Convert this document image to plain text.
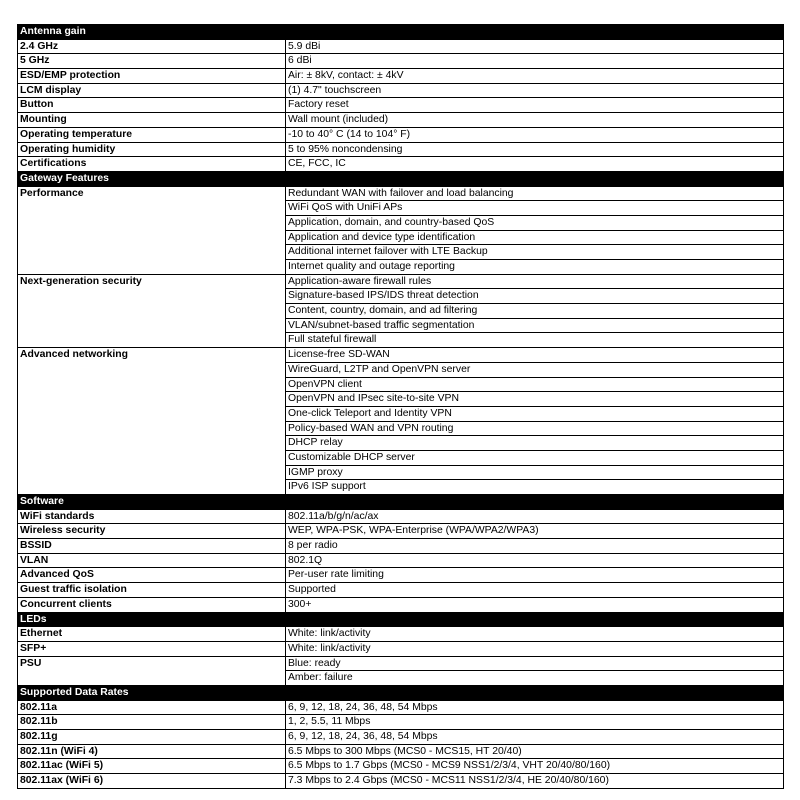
Antenna gain	
2.4 GHz	5.9 dBi
5 GHz	6 dBi
ESD/EMP protection	Air: ± 8kV, contact: ± 4kV
LCM display	(1) 4.7" touchscreen
Button	Factory reset
Mounting	Wall mount (included)
Operating temperature	-10 to 40° C (14 to 104° F)
Operating humidity	5 to 95% noncondensing
Certifications	CE, FCC, IC
Gateway Features	
Performance	Redundant WAN with failover and load balancing
	WiFi QoS with UniFi APs
	Application, domain, and country-based QoS
	Application and device type identification
	Additional internet failover with LTE Backup
	Internet quality and outage reporting
Next-generation security	Application-aware firewall rules
	Signature-based IPS/IDS threat detection
	Content, country, domain, and ad filtering
	VLAN/subnet-based traffic segmentation
	Full stateful firewall
Advanced networking	License-free SD-WAN
	WireGuard, L2TP and OpenVPN server
	OpenVPN client
	OpenVPN and IPsec site-to-site VPN
	One-click Teleport and Identity VPN
	Policy-based WAN and VPN routing
	DHCP relay
	Customizable DHCP server
	IGMP proxy
	IPv6 ISP support
Software	
WiFi standards	802.11a/b/g/n/ac/ax
Wireless security	WEP, WPA-PSK, WPA-Enterprise (WPA/WPA2/WPA3)
BSSID	8 per radio
VLAN	802.1Q
Advanced QoS	Per-user rate limiting
Guest traffic isolation	Supported
Concurrent clients	300+
LEDs	
Ethernet	White: link/activity
SFP+	White: link/activity
PSU	Blue: ready
	Amber: failure
Supported Data Rates	
802.11a	6, 9, 12, 18, 24, 36, 48, 54 Mbps
802.11b	1, 2, 5.5, 11 Mbps
802.11g	6, 9, 12, 18, 24, 36, 48, 54 Mbps
802.11n (WiFi 4)	6.5 Mbps to 300 Mbps (MCS0 - MCS15, HT 20/40)
802.11ac (WiFi 5)	6.5 Mbps to 1.7 Gbps (MCS0 - MCS9 NSS1/2/3/4, VHT 20/40/80/160)
802.11ax (WiFi 6)	7.3 Mbps to 2.4 Gbps (MCS0 - MCS11 NSS1/2/3/4, HE 20/40/80/160)
